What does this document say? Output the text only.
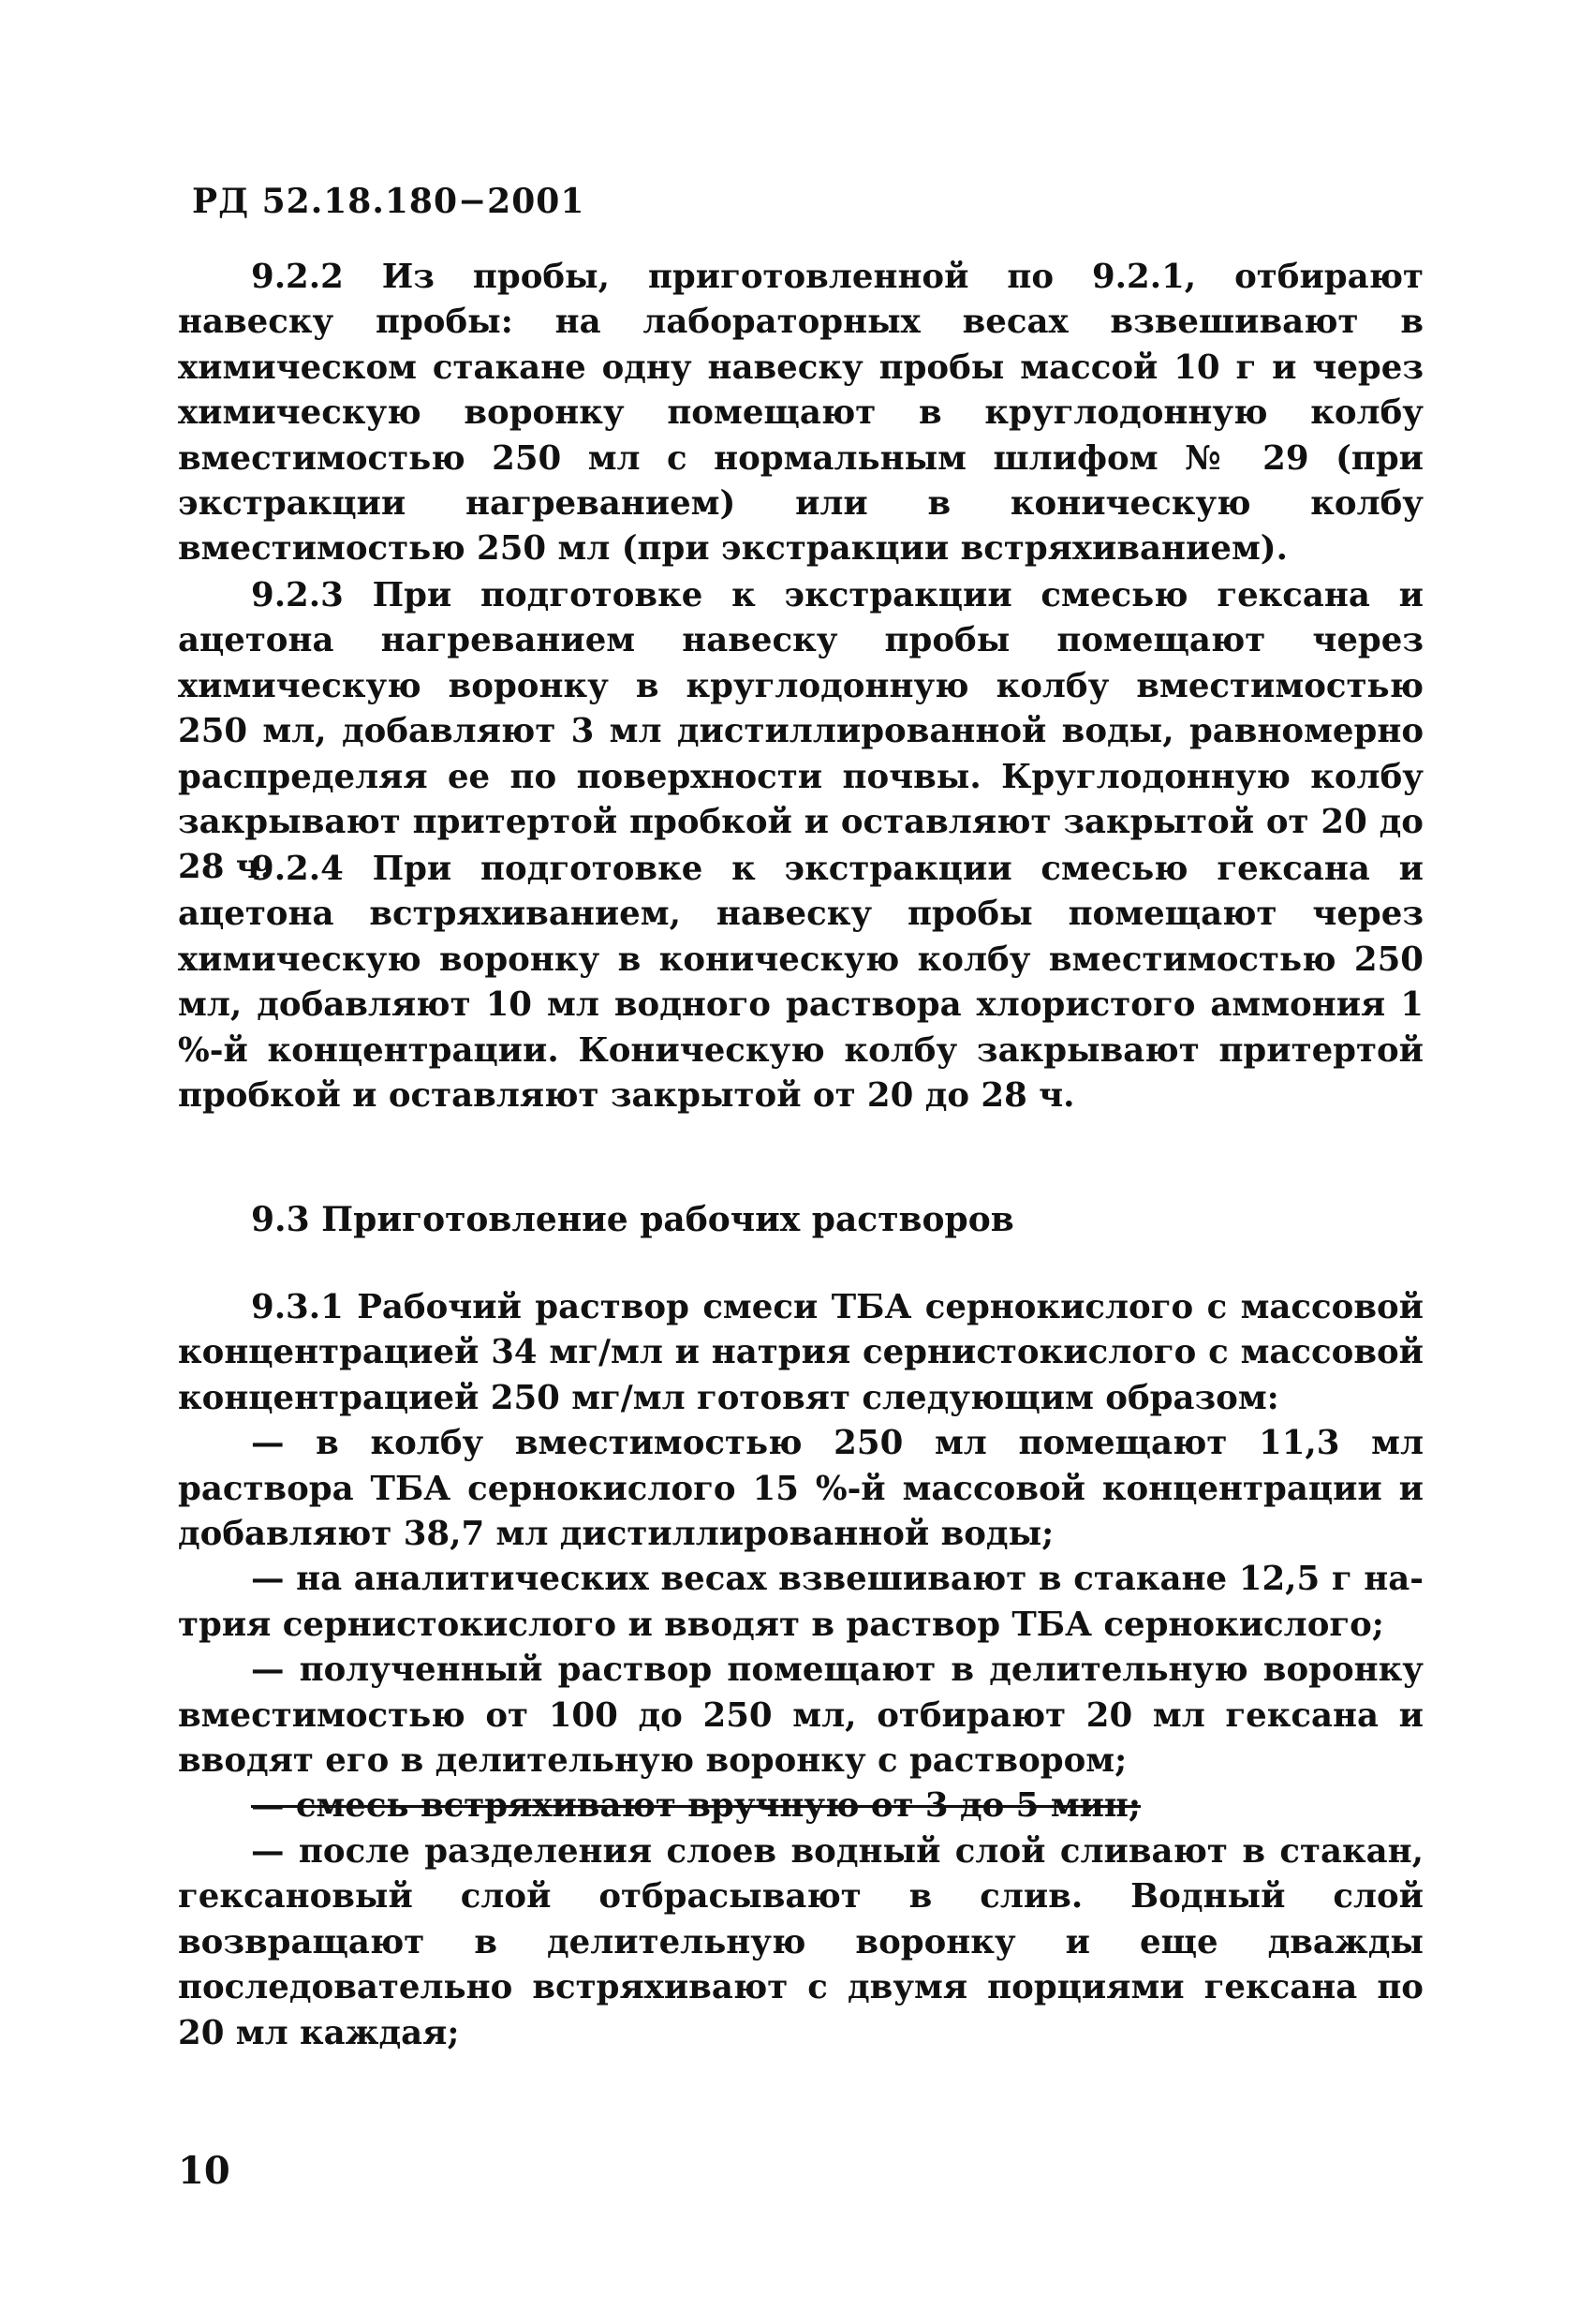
РД 52.18.180−2001

9.2.2 Из пробы, приготовленной по 9.2.1, отбирают навеску пробы: на лабораторных весах взвешивают в химическом стакане одну навеску пробы массой 10 г и через химическую воронку помещают в круглодонную колбу вместимостью 250 мл с нормальным шлифом № 29 (при экстракции нагреванием) или в коническую колбу вместимостью 250 мл (при экстракции встряхиванием).

9.2.3 При подготовке к экстракции смесью гексана и ацетона нагреванием навеску пробы помещают через химическую воронку в круглодонную колбу вместимостью 250 мл, добавляют 3 мл дистиллированной воды, равномерно распределяя ее по поверхности почвы. Круглодонную колбу закрывают притертой пробкой и оставляют закрытой от 20 до 28 ч.

9.2.4 При подготовке к экстракции смесью гексана и ацетона встряхиванием, навеску пробы помещают через химическую воронку в коническую колбу вместимостью 250 мл, добавляют 10 мл водного раствора хлористого аммония 1 %-й концентрации. Коническую колбу закрывают притертой пробкой и оставляют закрытой от 20 до 28 ч.

9.3 Приготовление рабочих растворов

9.3.1 Рабочий раствор смеси ТБА сернокислого с массовой концентрацией 34 мг/мл и натрия сернистокислого с массовой концентрацией 250 мг/мл готовят следующим образом:

— в колбу вместимостью 250 мл помещают 11,3 мл раствора ТБА сернокислого 15 %-й массовой концентрации и добавляют 38,7 мл дистиллированной воды;

— на аналитических весах взвешивают в стакане 12,5 г натрия сернистокислого и вводят в раствор ТБА сернокислого;

— полученный раствор помещают в делительную воронку вместимостью от 100 до 250 мл, отбирают 20 мл гексана и вводят его в делительную воронку с раствором;

— смесь встряхивают вручную от 3 до 5 мин;

— после разделения слоев водный слой сливают в стакан, гексановый слой отбрасывают в слив. Водный слой возвращают в делительную воронку и еще дважды последовательно встряхивают с двумя порциями гексана по 20 мл каждая;

10
